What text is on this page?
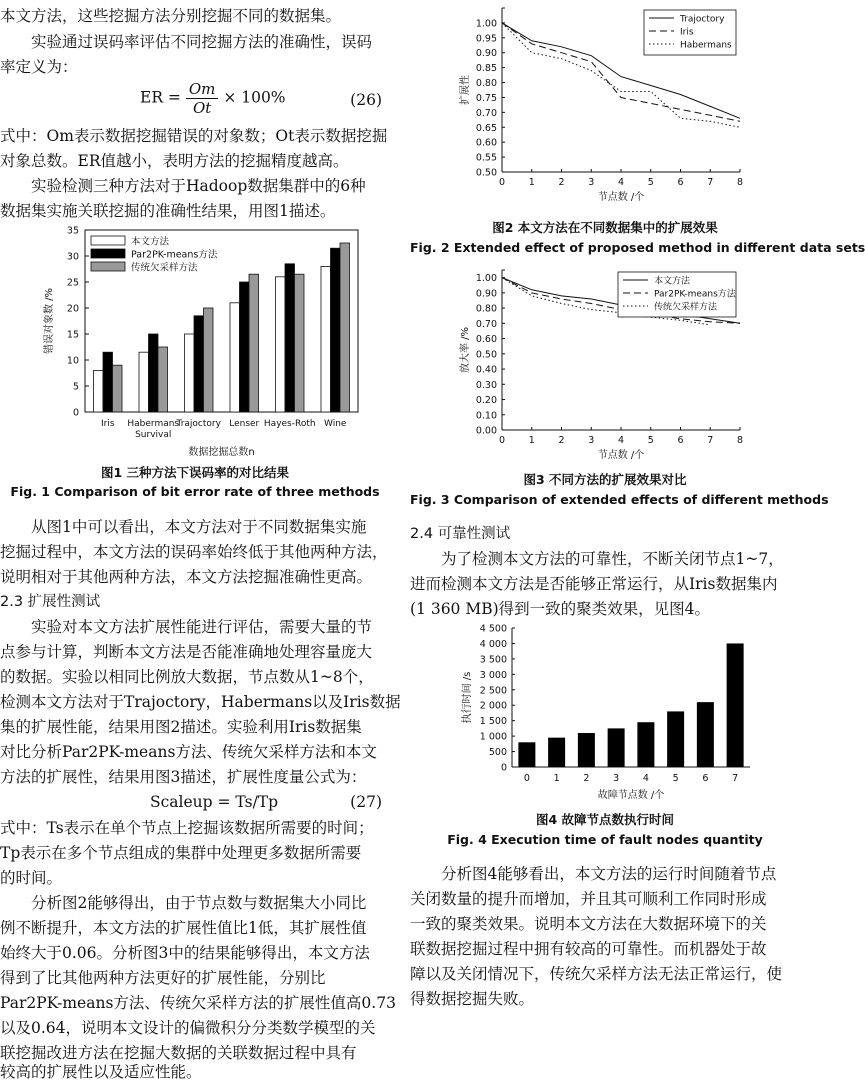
本文方法，这些挖掘方法分别挖掘不同的数据集。

实验通过误码率评估不同挖掘方法的准确性，误码

率定义为：

ER = $\frac{Om}{Ot} \times 100\%$	(26)

式中：Om表示数据挖掘错误的对象数；Ot表示数据挖掘

对象总数。ER值越小，表明方法的挖掘精度越高。

实验检测三种方法对于Hadoop数据集群中的6种

数据集实施关联挖掘的准确性结果，用图1描述。

0
5
10
15
20
25
30
35
Iris Habermans
Survival
Trajoctory Lenser Hayes-Roth Wine
数据挖掘总数n
错误对象数 /%
本文方法
Par2PK-means方法
传统欠采样方法
图1 三种方法下误码率的对比结果
Fig. 1 Comparison of bit error rate of three methods

从图1中可以看出，本文方法对于不同数据集实施

挖掘过程中，本文方法的误码率始终低于其他两种方法，

说明相对于其他两种方法，本文方法挖掘准确性更高。

2.3 扩展性测试

实验对本文方法扩展性能进行评估，需要大量的节

点参与计算，判断本文方法是否能准确地处理容量庞大

的数据。实验以相同比例放大数据，节点数从1~8个，

检测本文方法对于Trajoctory，Habermans以及Iris数据

集的扩展性能，结果用图2描述。实验利用Iris数据集

对比分析Par2PK-means方法、传统欠采样方法和本文

方法的扩展性，结果用图3描述，扩展性度量公式为：

Scaleup = Ts/Tp	(27)

式中：Ts表示在单个节点上挖掘该数据所需要的时间；

Tp表示在多个节点组成的集群中处理更多数据所需要

的时间。

分析图2能够得出，由于节点数与数据集大小同比

例不断提升，本文方法的扩展性值比1低，其扩展性值

始终大于0.06。分析图3中的结果能够得出，本文方法

得到了比其他两种方法更好的扩展性能，分别比

Par2PK-means方法、传统欠采样方法的扩展性值高0.73

以及0.64，说明本文设计的偏微积分分类数学模型的关

联挖掘改进方法在挖掘大数据的关联数据过程中具有

较高的扩展性以及适应性能。

0.50
0.55
0.60
0.65
0.70
0.75
0.80
0.85
0.90
0.95
1.00
0 1 2 3 4 5 6 7 8
节点数 /个
扩展性
Trajoctory
Iris
Habermans
图2 本文方法在不同数据集中的扩展效果
Fig. 2 Extended effect of proposed method in different data sets
0.00
0.10
0.20
0.30
0.40
0.50
0.60
0.70
0.80
0.90
1.00
0 1 2 3 4 5 6 7 8
节点数 /个
放大率 /%
本文方法
Par2PK-means方法
传统欠采样方法
图3 不同方法的扩展效果对比
Fig. 3 Comparison of extended effects of different methods
2.4 可靠性测试

为了检测本文方法的可靠性，不断关闭节点1~7，

进而检测本文方法是否能够正常运行，从Iris数据集内

(1 360 MB)得到一致的聚类效果，见图4。

0
500
1 000
1 500
2 000
2 500
3 000
3 500
4 000
4 500
0 1 2 3 4 5 6 7
故障节点数 /个
执行时间 /s
图4 故障节点数执行时间
Fig. 4 Execution time of fault nodes quantity

分析图4能够看出，本文方法的运行时间随着节点

关闭数量的提升而增加，并且其可顺利工作同时形成

一致的聚类效果。说明本文方法在大数据环境下的关

联数据挖掘过程中拥有较高的可靠性。而机器处于故

障以及关闭情况下，传统欠采样方法无法正常运行，使

得数据挖掘失败。
